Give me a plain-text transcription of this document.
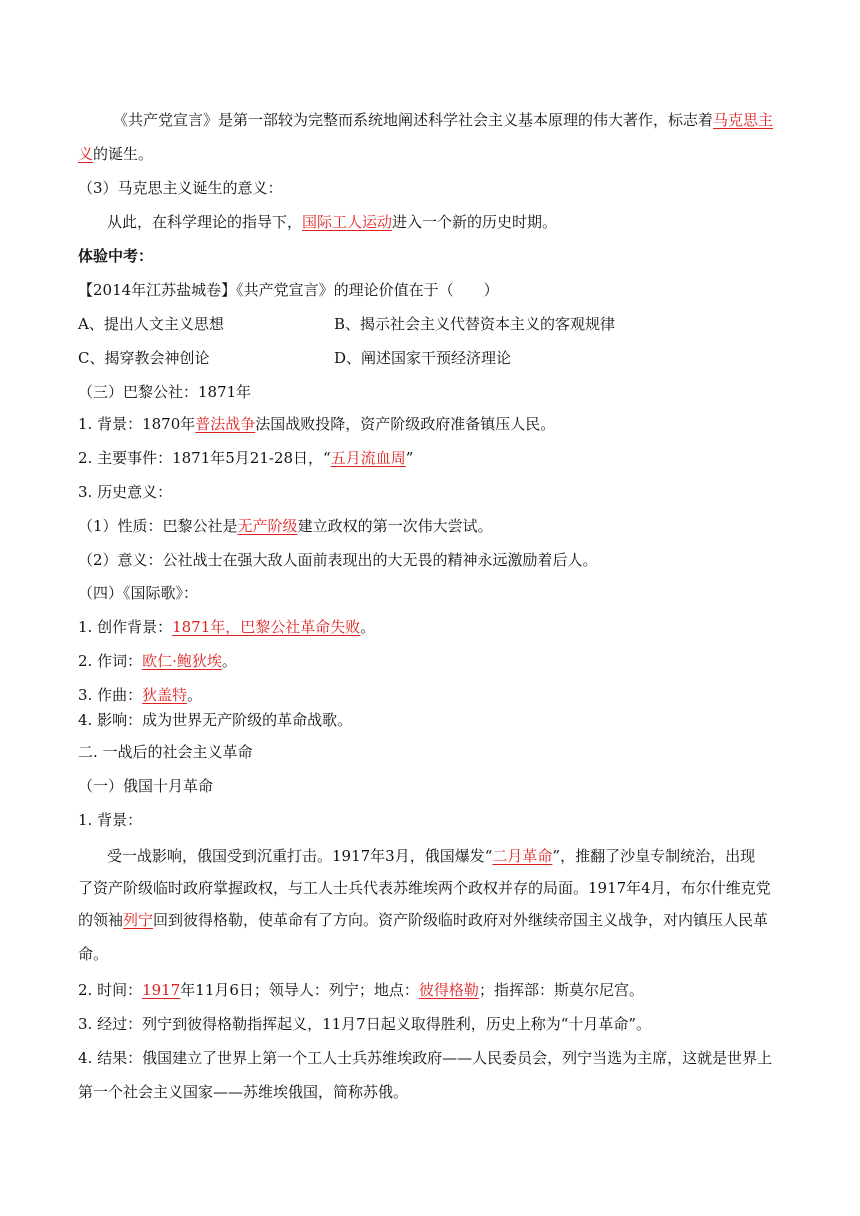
《共产党宣言》是第一部较为完整而系统地阐述科学社会主义基本原理的伟大著作，标志着马克思主
义的诞生。
（3）马克思主义诞生的意义：
从此，在科学理论的指导下，国际工人运动进入一个新的历史时期。
体验中考：
【2014年江苏盐城卷】《共产党宣言》的理论价值在于（　　）
A、提出人文主义思想	B、揭示社会主义代替资本主义的客观规律
C、揭穿教会神创论	D、阐述国家干预经济理论
（三）巴黎公社：1871年
1. 背景：1870年普法战争法国战败投降，资产阶级政府准备镇压人民。
2. 主要事件：1871年5月21-28日，“五月流血周”
3. 历史意义：
（1）性质：巴黎公社是无产阶级建立政权的第一次伟大尝试。
（2）意义：公社战士在强大敌人面前表现出的大无畏的精神永远激励着后人。
（四）《国际歌》：
1. 创作背景：1871年，巴黎公社革命失败。
2. 作词：欧仁·鲍狄埃。
3. 作曲：狄盖特。
4. 影响：成为世界无产阶级的革命战歌。
二. 一战后的社会主义革命
（一）俄国十月革命
1. 背景：
受一战影响，俄国受到沉重打击。1917年3月，俄国爆发“二月革命”，推翻了沙皇专制统治，出现
了资产阶级临时政府掌握政权，与工人士兵代表苏维埃两个政权并存的局面。1917年4月，布尔什维克党
的领袖列宁回到彼得格勒，使革命有了方向。资产阶级临时政府对外继续帝国主义战争，对内镇压人民革
命。
2. 时间：1917年11月6日；领导人：列宁；地点：彼得格勒；指挥部：斯莫尔尼宫。
3. 经过：列宁到彼得格勒指挥起义，11月7日起义取得胜利，历史上称为“十月革命”。
4. 结果：俄国建立了世界上第一个工人士兵苏维埃政府——人民委员会，列宁当选为主席，这就是世界上
第一个社会主义国家——苏维埃俄国，简称苏俄。
